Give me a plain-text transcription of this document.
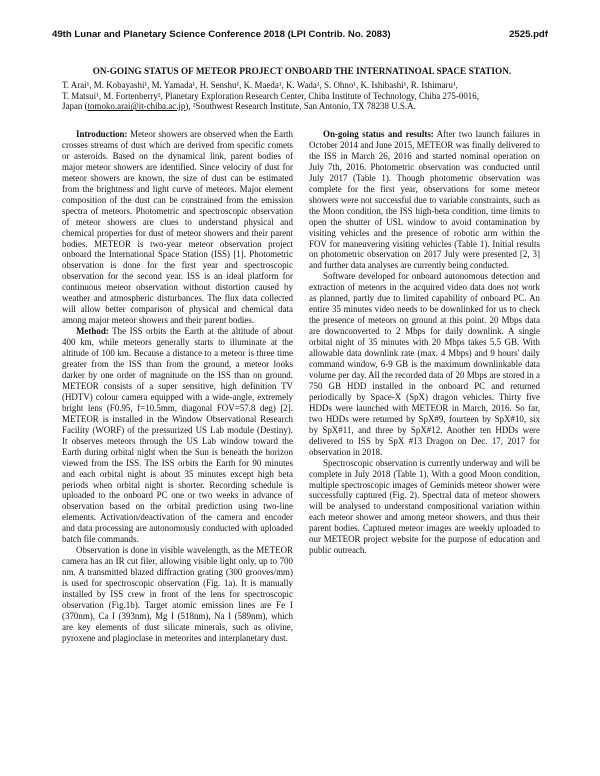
49th Lunar and Planetary Science Conference 2018 (LPI Contrib. No. 2083)	2525.pdf
ON-GOING STATUS OF METEOR PROJECT ONBOARD THE INTERNATINOAL SPACE STATION.
T. Arai¹, M. Kobayashi¹, M. Yamada¹, H. Senshu¹, K. Maeda¹, K. Wada¹, S. Ohno¹, K. Ishibashi¹, R. Ishimaru¹,
T. Matsui¹, M. Fortenberry², Planetary Exploration Research Center, Chiba Institute of Technology, Chiba 275-0016,
Japan (tomoko.arai@it-chiba.ac.jp), ²Southwest Research Institute, San Antonio, TX 78238 U.S.A.

Introduction: Meteor showers are observed when the Earth crosses streams of dust which are derived from specific comets or asteroids. Based on the dynamical link, parent bodies of major meteor showers are identified. Since velocity of dust for meteor showers are known, the size of dust can be estimated from the brightness and light curve of meteors. Major element composition of the dust can be constrained from the emission spectra of meteors. Photometric and spectroscopic observation of meteor showers are clues to understand physical and chemical properties for dust of meteor showers and their parent bodies. METEOR is two-year meteor observation project onboard the International Space Station (ISS) [1]. Photometric observation is done for the first year and spectroscopic observation for the second year. ISS is an ideal platform for continuous meteor observation without distortion caused by weather and atmospheric disturbances. The flux data collected will allow better comparison of physical and chemical data among major meteor showers and their parent bodies.

Method: The ISS orbits the Earth at the altitude of about 400 km, while meteors generally starts to illuminate at the altitude of 100 km. Because a distance to a meteor is three time greater from the ISS than from the ground, a meteor looks darker by one order of magnitude on the ISS than on ground. METEOR consists of a super sensitive, high definition TV (HDTV) colour camera equipped with a wide-angle, extremely bright lens (F0.95, f=10.5mm, diagonal FOV=57.8 deg) [2]. METEOR is installed in the Window Observational Research Facility (WORF) of the pressurized US Lab module (Destiny). It observes meteors through the US Lab window toward the Earth during orbital night when the Sun is beneath the horizon viewed from the ISS. The ISS orbits the Earth for 90 minutes and each orbital night is about 35 minutes except high beta periods when orbital night is shorter. Recording schedule is uploaded to the onboard PC one or two weeks in advance of observation based on the orbital prediction using two-line elements. Activation/deactivation of the camera and encoder and data processing are autonomously conducted with uploaded batch file commands.

Observation is done in visible wavelength, as the METEOR camera has an IR cut filer, allowing visible light only, up to 700 nm. A transmitted blazed diffraction grating (300 grooves/mm) is used for spectroscopic observation (Fig. 1a). It is manually installed by ISS crew in front of the lens for spectroscopic observation (Fig.1b). Target atomic emission lines are Fe I (370nm), Ca I (393nm), Mg I (518nm), Na I (589nm), which are key elements of dust silicate minerals, such as olivine, pyroxene and plagioclase in meteorites and interplanetary dust.

On-going status and results: After two launch failures in October 2014 and June 2015, METEOR was finally delivered to the ISS in March 26, 2016 and started nominal operation on July 7th, 2016. Photometric observation was conducted until July 2017 (Table 1). Though photometric observation was complete for the first year, observations for some meteor showers were not successful due to variable constraints, such as the Moon condition, the ISS high-beta condition, time limits to open the shutter of USL window to avoid contamination by visiting vehicles and the presence of robotic arm within the FOV for maneuvering visiting vehicles (Table 1). Initial results on photometric observation on 2017 July were presented [2, 3] and further data analyses are currently being conducted.

Software developed for onboard autonomous detection and extraction of meteors in the acquired video data does not work as planned, partly due to limited capability of onboard PC. An entire 35 minutes video needs to be downlinked for us to check the presence of meteors on ground at this point. 20 Mbps data are downconverted to 2 Mbps for daily downlink. A single orbital night of 35 minutes with 20 Mbps takes 5.5 GB. With allowable data downlink rate (max. 4 Mbps) and 9 hours' daily command window, 6-9 GB is the maximum downlinkable data volume per day. All the recorded data of 20 Mbps are stored in a 750 GB HDD installed in the onboard PC and returned periodically by Space-X (SpX) dragon vehicles. Thirty five HDDs were launched with METEOR in March, 2016. So far, two HDDs were returned by SpX#9, fourteen by SpX#10, six by SpX#11, and three by SpX#12. Another ten HDDs were delivered to ISS by SpX #13 Dragon on Dec. 17, 2017 for observation in 2018.

Spectroscopic observation is currently underway and will be complete in July 2018 (Table 1). With a good Moon condition, multiple spectroscopic images of Geminids meteor shower were successfully captured (Fig. 2). Spectral data of meteor showers will be analysed to understand compositional variation within each meteor shower and among meteor showers, and thus their parent bodies. Captured meteor images are weekly uploaded to our METEOR project website for the purpose of education and public outreach.
